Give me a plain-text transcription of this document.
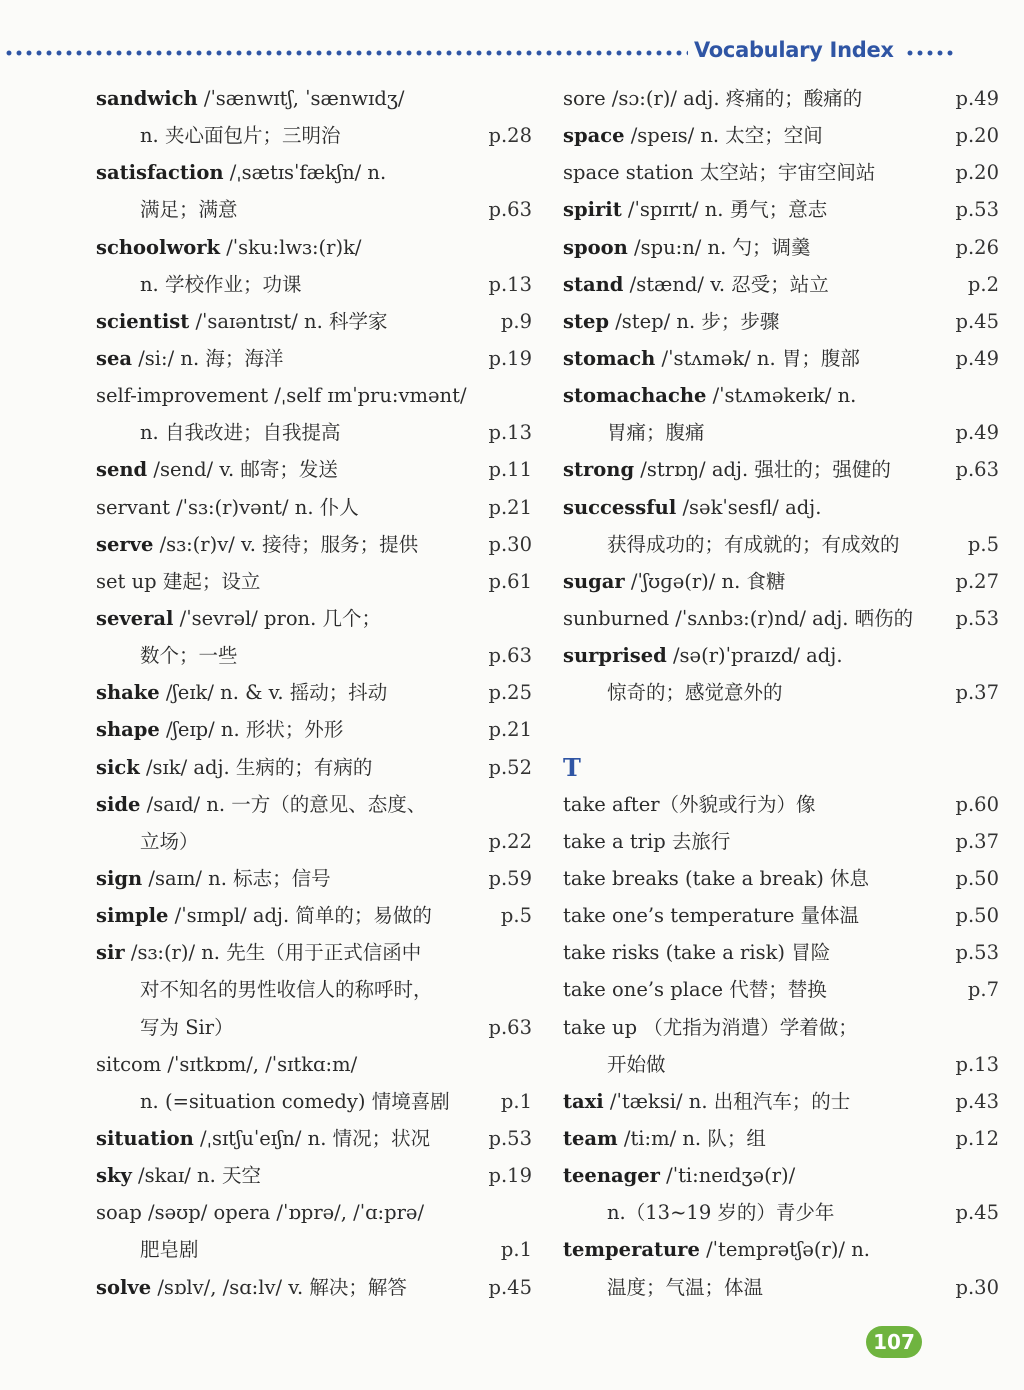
Vocabulary Index
sandwich /ˈsænwɪtʃ, ˈsænwɪdʒ/
n. 夹心面包片；三明治	p.28
satisfaction /ˌsætɪsˈfækʃn/ n.
满足；满意	p.63
schoolwork /ˈsku:lwɜ:(r)k/
n. 学校作业；功课	p.13
scientist /ˈsaɪəntɪst/ n. 科学家	p.9
sea /si:/ n. 海；海洋	p.19
self-improvement /ˌself ɪmˈpru:vmənt/
n. 自我改进；自我提高	p.13
send /send/ v. 邮寄；发送	p.11
servant /ˈsɜ:(r)vənt/ n. 仆人	p.21
serve /sɜ:(r)v/ v. 接待；服务；提供	p.30
set up 建起；设立	p.61
several /ˈsevrəl/ pron. 几个；
数个；一些	p.63
shake /ʃeɪk/ n. & v. 摇动；抖动	p.25
shape /ʃeɪp/ n. 形状；外形	p.21
sick /sɪk/ adj. 生病的；有病的	p.52
side /saɪd/ n. 一方（的意见、态度、
立场）	p.22
sign /saɪn/ n. 标志；信号	p.59
simple /ˈsɪmpl/ adj. 简单的；易做的	p.5
sir /sɜ:(r)/ n. 先生（用于正式信函中
对不知名的男性收信人的称呼时，
写为 Sir）	p.63
sitcom /ˈsɪtkɒm/, /ˈsɪtkɑ:m/
n. (=situation comedy) 情境喜剧	p.1
situation /ˌsɪtʃuˈeɪʃn/ n. 情况；状况	p.53
sky /skaɪ/ n. 天空	p.19
soap /səʊp/ opera /ˈɒprə/, /ˈɑ:prə/
肥皂剧	p.1
solve /sɒlv/, /sɑ:lv/ v. 解决；解答	p.45
sore /sɔ:(r)/ adj. 疼痛的；酸痛的	p.49
space /speɪs/ n. 太空；空间	p.20
space station 太空站；宇宙空间站	p.20
spirit /ˈspɪrɪt/ n. 勇气；意志	p.53
spoon /spu:n/ n. 勺；调羹	p.26
stand /stænd/ v. 忍受；站立	p.2
step /step/ n. 步；步骤	p.45
stomach /ˈstʌmək/ n. 胃；腹部	p.49
stomachache /ˈstʌməkeɪk/ n.
胃痛；腹痛	p.49
strong /strɒŋ/ adj. 强壮的；强健的	p.63
successful /səkˈsesfl/ adj.
获得成功的；有成就的；有成效的	p.5
sugar /ˈʃʊɡə(r)/ n. 食糖	p.27
sunburned /ˈsʌnbɜ:(r)nd/ adj. 晒伤的 p.53
surprised /sə(r)ˈpraɪzd/ adj.
惊奇的；感觉意外的	p.37
T
take after（外貌或行为）像	p.60
take a trip 去旅行	p.37
take breaks (take a break) 休息	p.50
take one’s temperature 量体温	p.50
take risks (take a risk) 冒险	p.53
take one’s place 代替；替换	p.7
take up （尤指为消遣）学着做；
开始做	p.13
taxi /ˈtæksi/ n. 出租汽车；的士	p.43
team /ti:m/ n. 队；组	p.12
teenager /ˈti:neɪdʒə(r)/
n.（13~19 岁的）青少年	p.45
temperature /ˈtemprətʃə(r)/ n.
温度；气温；体温	p.30
107
